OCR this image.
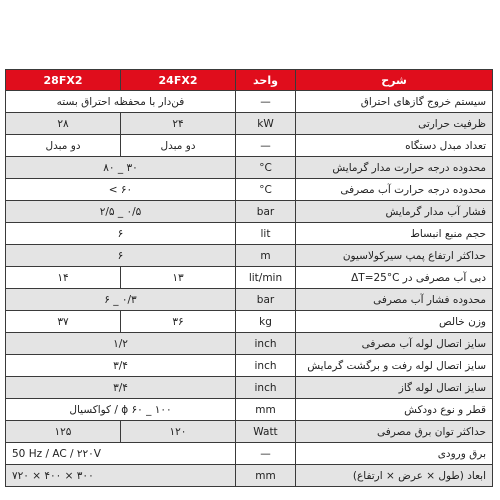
28FX2	24FX2	واحد	شرح
فن‌دار با محفظه احتراق بسته		—	سیستم خروج گازهای احتراق
۲۸	۲۴	kW	ظرفیت حرارتی
دو مبدل	دو مبدل	—	تعداد مبدل دستگاه
۳۰ _ ۸۰		°C	محدوده درجه حرارت مدار گرمایش
۶۰ >		°C	محدوده درجه حرارت آب مصرفی
۰/۵ _ ۲/۵		bar	فشار آب مدار گرمایش
۶		lit	حجم منبع انبساط
۶		m	حداکثر ارتفاع پمپ سیرکولاسیون
۱۴	۱۳	lit/min	دبی آب مصرفی در ΔT=25°C
۰/۳ _ ۶		bar	محدوده فشار آب مصرفی
۳۷	۳۶	kg	وزن خالص
۱/۲		inch	سایز اتصال لوله آب مصرفی
۳/۴		inch	سایز اتصال لوله رفت و برگشت گرمایش
۳/۴		inch	سایز اتصال لوله گاز
ɸ ۶۰ _ ۱۰۰ / کواکسیال		mm	قطر و نوع دودکش
۱۲۵	۱۲۰	Watt	حداکثر توان برق مصرفی
50 Hz / AC / ۲۲۰V		—	برق ورودی
۷۲۰ × ۴۰۰ × ۳۰۰		mm	ابعاد (طول × عرض × ارتفاع)
